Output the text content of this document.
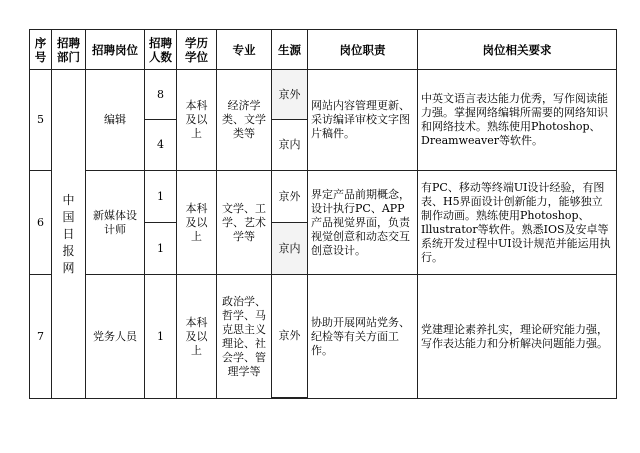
序号	招聘部门	招聘岗位	招聘人数	学历学位	专业	生源	岗位职责	岗位相关要求
5	中国日报网	编辑	8	本科及以上	经济学类、文学类等	京外	网站内容管理更新、采访编译审校文字图片稿件。	中英文语言表达能力优秀，写作阅读能力强。掌握网络编辑所需要的网络知识和网络技术。熟练使用Photoshop、Dreamweaver等软件。
			4			京内		
6		新媒体设计师	1	本科及以上	文学、工学、艺术学等	京外	界定产品前期概念，设计执行PC、APP产品视觉界面，负责视觉创意和动态交互创意设计。	有PC、移动等终端UI设计经验，有图表、H5界面设计创新能力，能够独立制作动画。熟练使用Photoshop、Illustrator等软件。熟悉IOS及安卓等系统开发过程中UI设计规范并能运用执行。
			1			京内		
7		党务人员	1	本科及以上	政治学、哲学、马克思主义理论、社会学、管理学等	京外	协助开展网站党务、纪检等有关方面工作。	党建理论素养扎实，理论研究能力强，写作表达能力和分析解决问题能力强。
